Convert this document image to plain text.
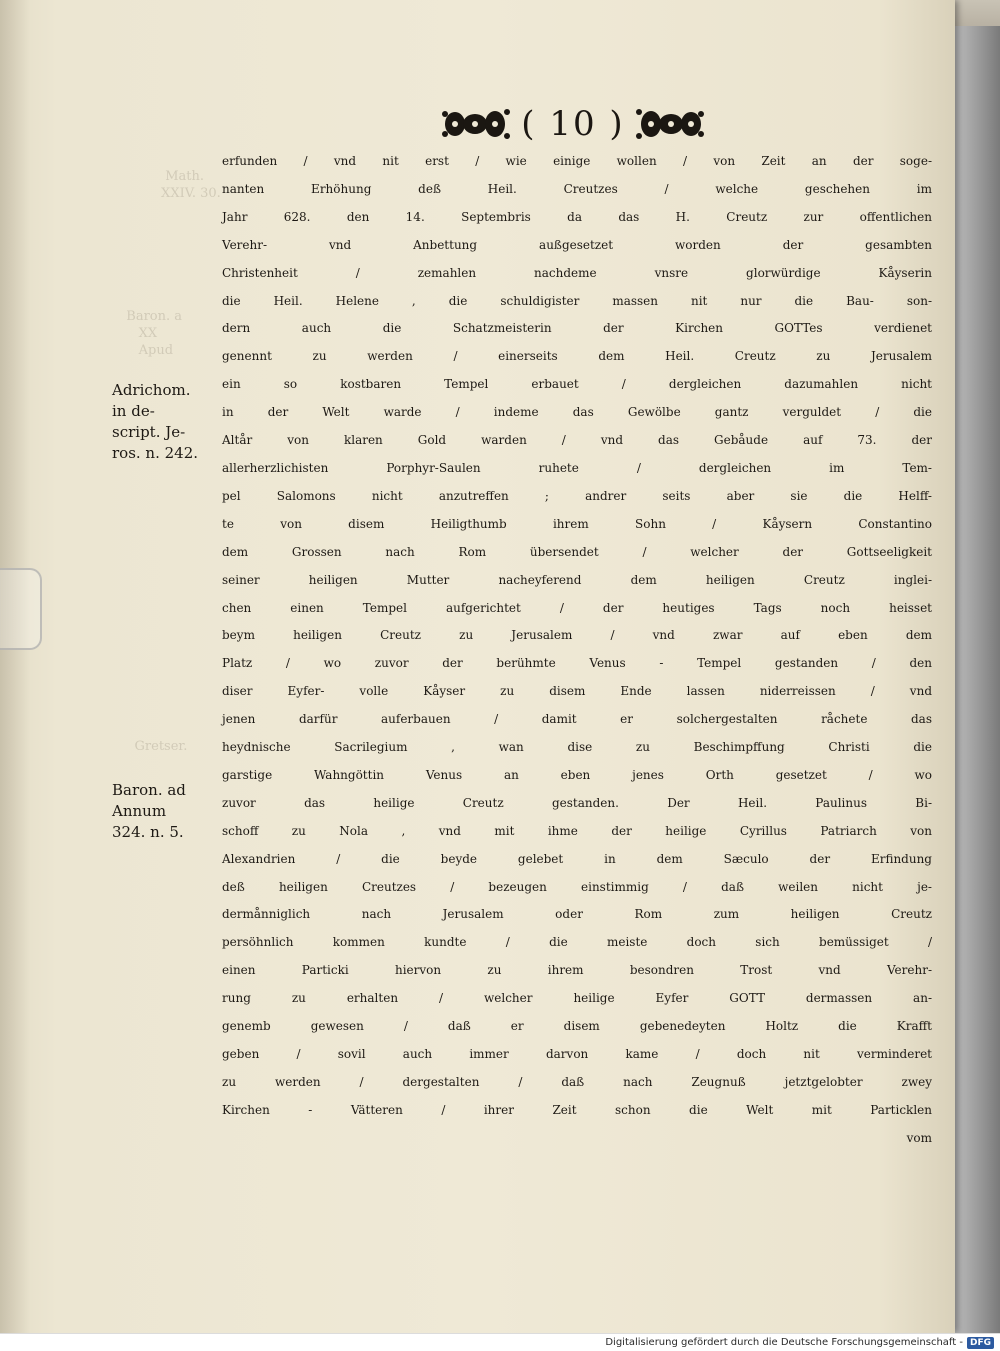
Math.
XXIV. 30.
Baron. a
XX
Apud
Gretser.
( 10 )
erfunden / vnd nit erst / wie einige wollen / von Zeit an der soge-
nanten Erhöhung deß Heil. Creutzes / welche geschehen im
Jahr 628. den 14. Septembris da das H. Creutz zur offentlichen
Verehr- vnd Anbettung außgesetzet worden der gesambten
Christenheit / zemahlen nachdeme vnsre glorwürdige Kåyserin
die Heil. Helene , die schuldigister massen nit nur die Bau- son-
dern auch die Schatzmeisterin der Kirchen GOTTes verdienet
genennt zu werden / einerseits dem Heil. Creutz zu Jerusalem
ein so kostbaren Tempel erbauet / dergleichen dazumahlen nicht
in der Welt warde / indeme das Gewölbe gantz verguldet / die
Altår von klaren Gold warden / vnd das Gebåude auf 73. der
allerherzlichisten Porphyr-Saulen ruhete / dergleichen im Tem-
pel Salomons nicht anzutreffen ; andrer seits aber sie die Helff-
te von disem Heiligthumb ihrem Sohn / Kåysern Constantino
dem Grossen nach Rom übersendet / welcher der Gottseeligkeit
seiner heiligen Mutter nacheyferend dem heiligen Creutz inglei-
chen einen Tempel aufgerichtet / der heutiges Tags noch heisset
beym heiligen Creutz zu Jerusalem / vnd zwar auf eben dem
Platz / wo zuvor der berühmte Venus - Tempel gestanden / den
diser Eyfer- volle Kåyser zu disem Ende lassen niderreissen / vnd
jenen darfür auferbauen / damit er solchergestalten råchete das
heydnische Sacrilegium , wan dise zu Beschimpffung Christi die
garstige Wahngöttin Venus an eben jenes Orth gesetzet / wo
zuvor das heilige Creutz gestanden. Der Heil. Paulinus Bi-
schoff zu Nola , vnd mit ihme der heilige Cyrillus Patriarch von
Alexandrien / die beyde gelebet in dem Sæculo der Erfindung
deß heiligen Creutzes / bezeugen einstimmig / daß weilen nicht je-
dermånniglich nach Jerusalem oder Rom zum heiligen Creutz
persöhnlich kommen kundte / die meiste doch sich bemüssiget /
einen Particki hiervon zu ihrem besondren Trost vnd Verehr-
rung zu erhalten / welcher heilige Eyfer GOTT dermassen an-
genemb gewesen / daß er disem gebenedeyten Holtz die Krafft
geben / sovil auch immer darvon kame / doch nit verminderet
zu werden / dergestalten / daß nach Zeugnuß jetztgelobter zwey
Kirchen - Vätteren / ihrer Zeit schon die Welt mit Particklen
vom
Adrichom.
in de-
script. Je-
ros. n. 242.
Baron. ad
Annum
324. n. 5.
Digitalisierung gefördert durch die Deutsche Forschungsgemeinschaft - DFG
